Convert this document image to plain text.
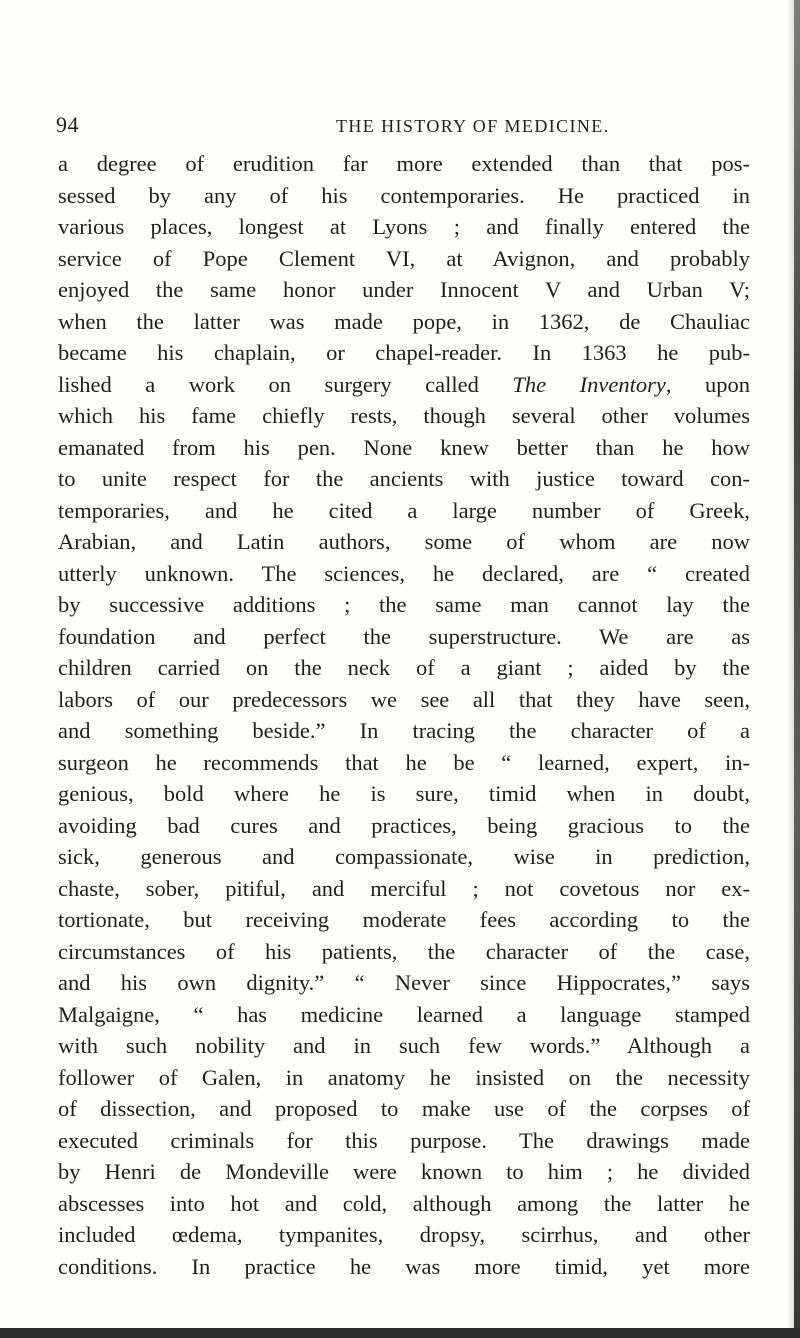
94	THE HISTORY OF MEDICINE.
a degree of erudition far more extended than that pos-
sessed by any of his contemporaries. He practiced in
various places, longest at Lyons ; and finally entered the
service of Pope Clement VI, at Avignon, and probably
enjoyed the same honor under Innocent V and Urban V;
when the latter was made pope, in 1362, de Chauliac
became his chaplain, or chapel-reader. In 1363 he pub-
lished a work on surgery called The Inventory, upon
which his fame chiefly rests, though several other volumes
emanated from his pen. None knew better than he how
to unite respect for the ancients with justice toward con-
temporaries, and he cited a large number of Greek,
Arabian, and Latin authors, some of whom are now
utterly unknown. The sciences, he declared, are “ created
by successive additions ; the same man cannot lay the
foundation and perfect the superstructure. We are as
children carried on the neck of a giant ; aided by the
labors of our predecessors we see all that they have seen,
and something beside.” In tracing the character of a
surgeon he recommends that he be “ learned, expert, in-
genious, bold where he is sure, timid when in doubt,
avoiding bad cures and practices, being gracious to the
sick, generous and compassionate, wise in prediction,
chaste, sober, pitiful, and merciful ; not covetous nor ex-
tortionate, but receiving moderate fees according to the
circumstances of his patients, the character of the case,
and his own dignity.” “ Never since Hippocrates,” says
Malgaigne, “ has medicine learned a language stamped
with such nobility and in such few words.” Although a
follower of Galen, in anatomy he insisted on the necessity
of dissection, and proposed to make use of the corpses of
executed criminals for this purpose. The drawings made
by Henri de Mondeville were known to him ; he divided
abscesses into hot and cold, although among the latter he
included œdema, tympanites, dropsy, scirrhus, and other
conditions. In practice he was more timid, yet more
